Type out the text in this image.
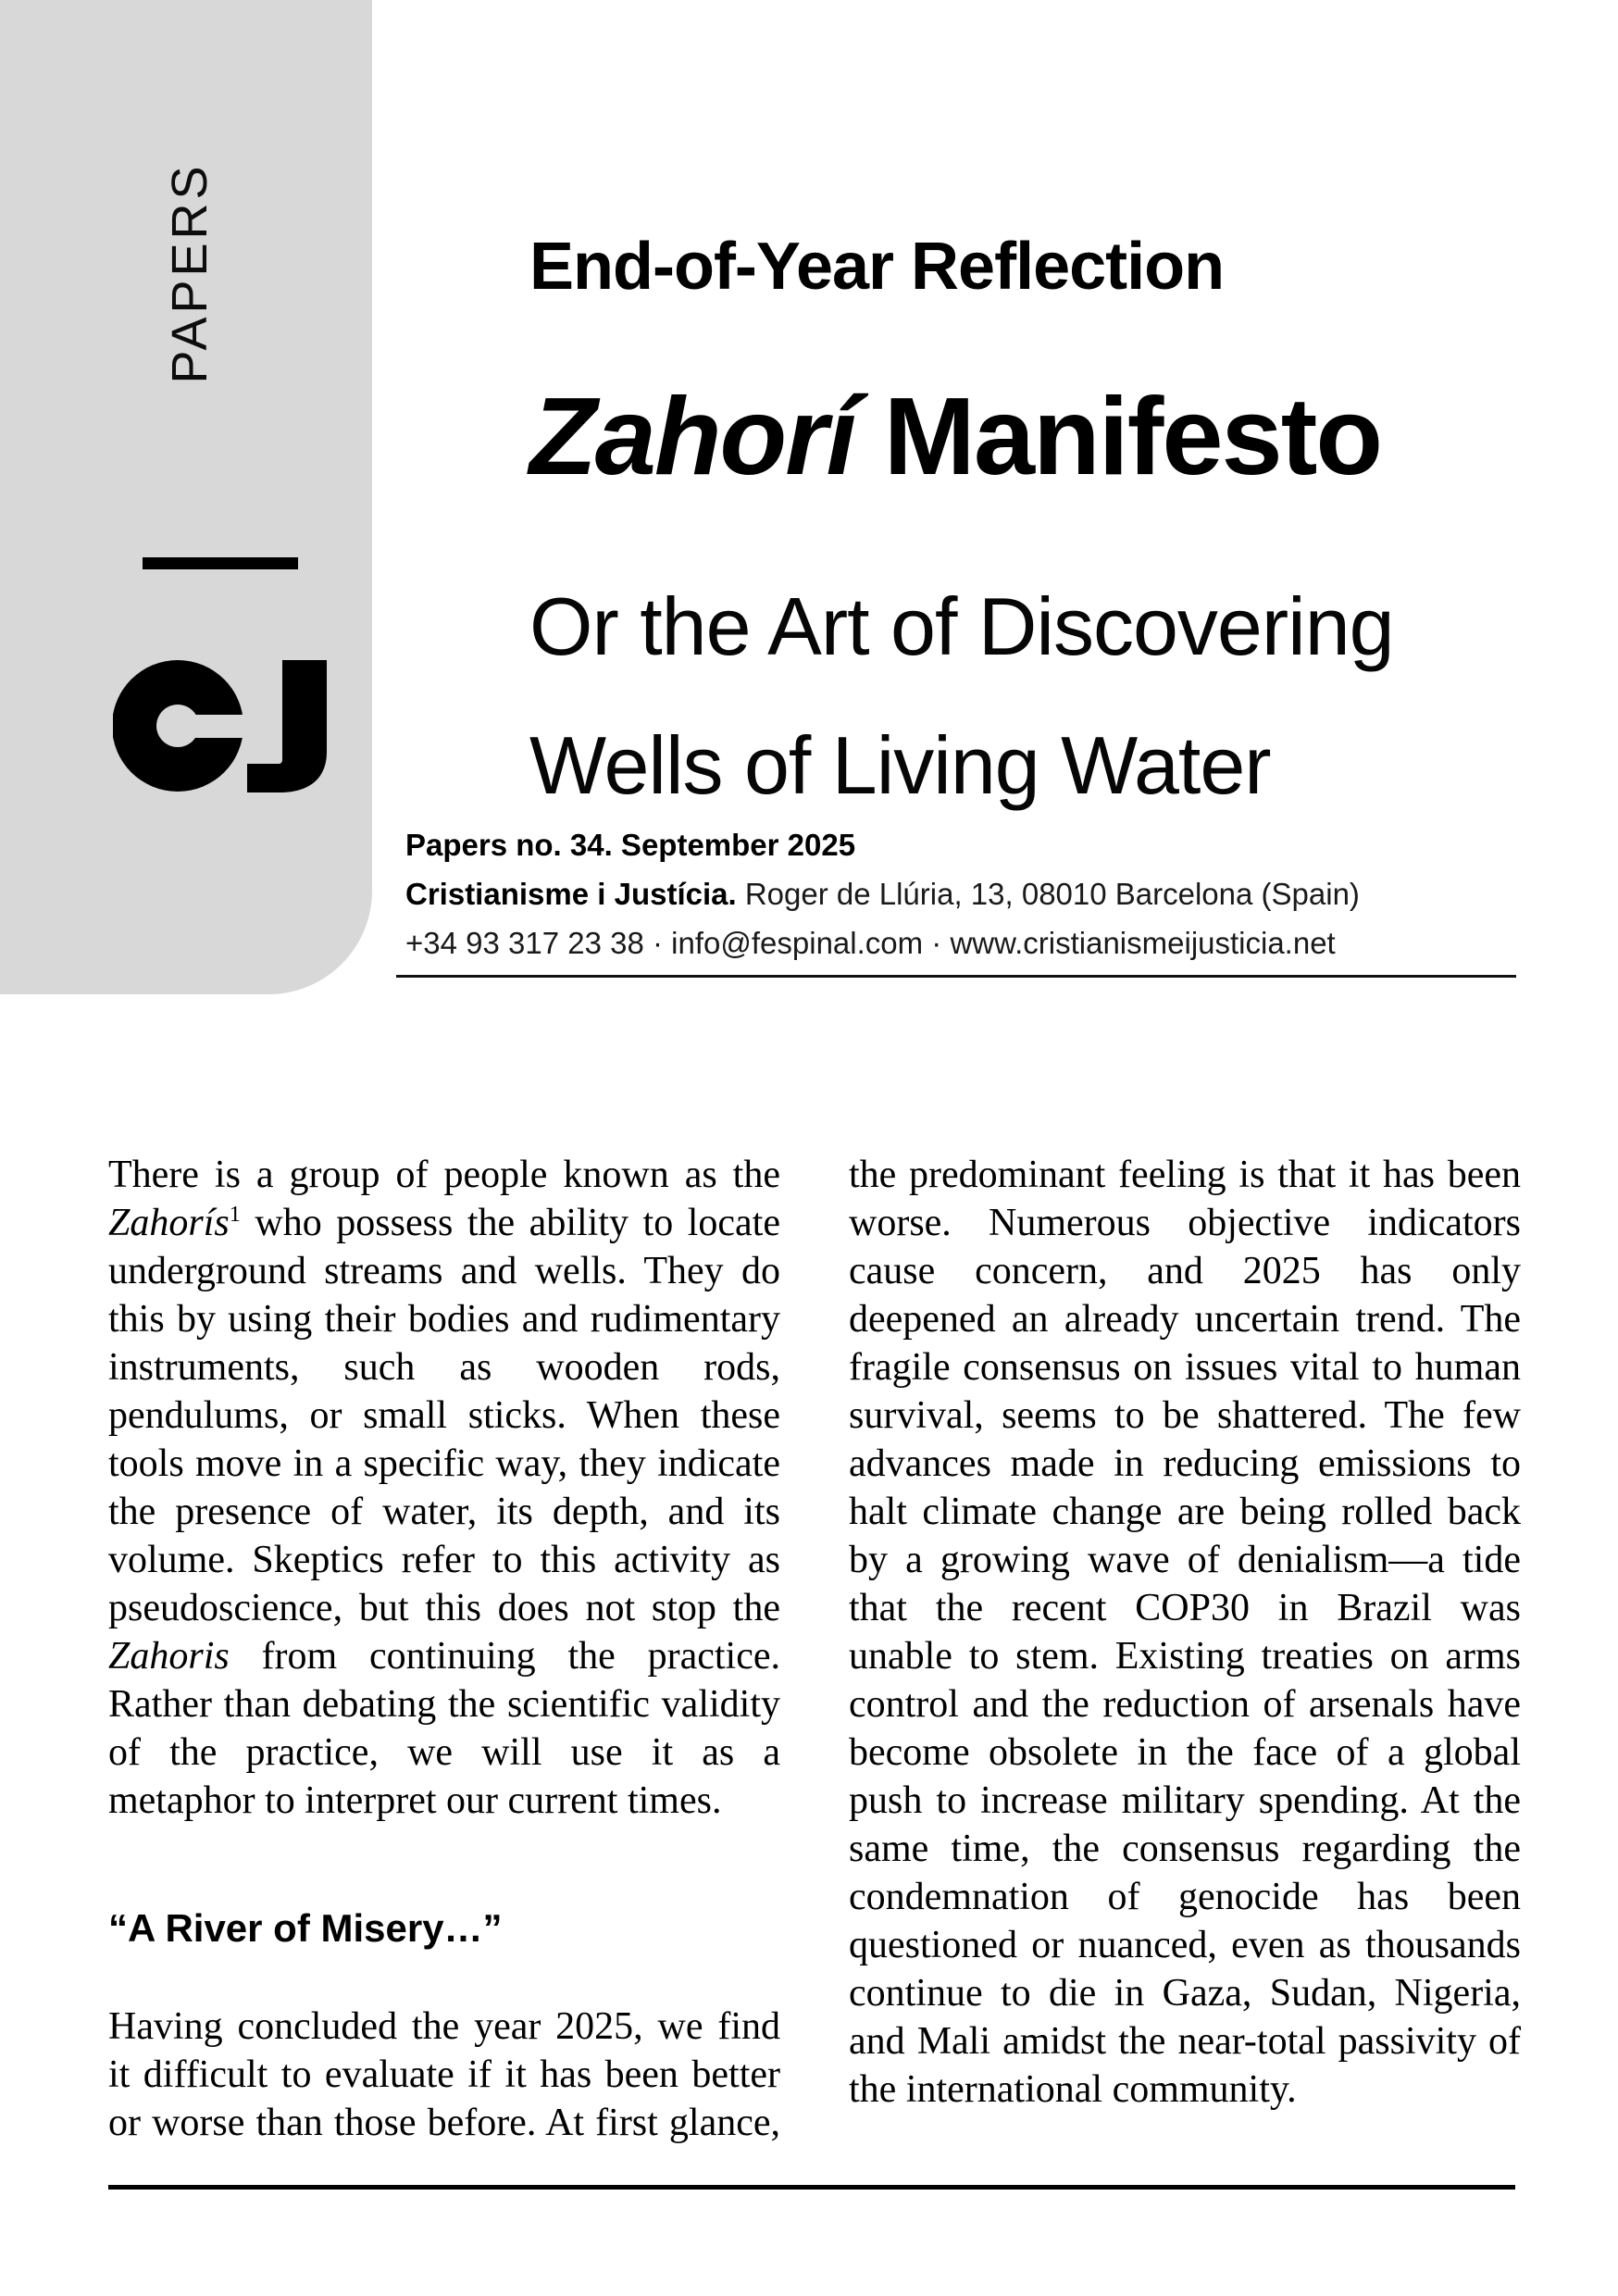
PAPERS	End-of-Year Reflection
Zahorí Manifesto
Or the Art of Discovering
Wells of Living Water
Papers no. 34. September 2025
Cristianisme i Justícia. Roger de Llúria, 13, 08010 Barcelona (Spain)
+34 93 317 23 38 · info@fespinal.com · www.cristianismeijusticia.net

There is a group of people known as the Zahorís$^1$ who possess the ability to locate underground streams and wells. They do this by using their bodies and rudimentary instruments, such as wooden rods, pendulums, or small sticks. When these tools move in a specific way, they indicate the presence of water, its depth, and its volume. Skeptics refer to this activity as pseudoscience, but this does not stop the Zahoris from continuing the practice. Rather than debating the scientific validity of the practice, we will use it as a metaphor to interpret our current times.

“A River of Misery…”

Having concluded the year 2025, we find it difficult to evaluate if it has been better or worse than those before. At first glance, the predominant feeling is that it has been worse. Numerous objective indicators cause concern, and 2025 has only deepened an already uncertain trend. The fragile consensus on issues vital to human survival, seems to be shattered. The few advances made in reducing emissions to halt climate change are being rolled back by a growing wave of denialism—a tide that the recent COP30 in Brazil was unable to stem. Existing treaties on arms control and the reduction of arsenals have become obsolete in the face of a global push to increase military spending. At the same time, the consensus regarding the condemnation of genocide has been questioned or nuanced, even as thousands continue to die in Gaza, Sudan, Nigeria, and Mali amidst the near-total passivity of the international community.
